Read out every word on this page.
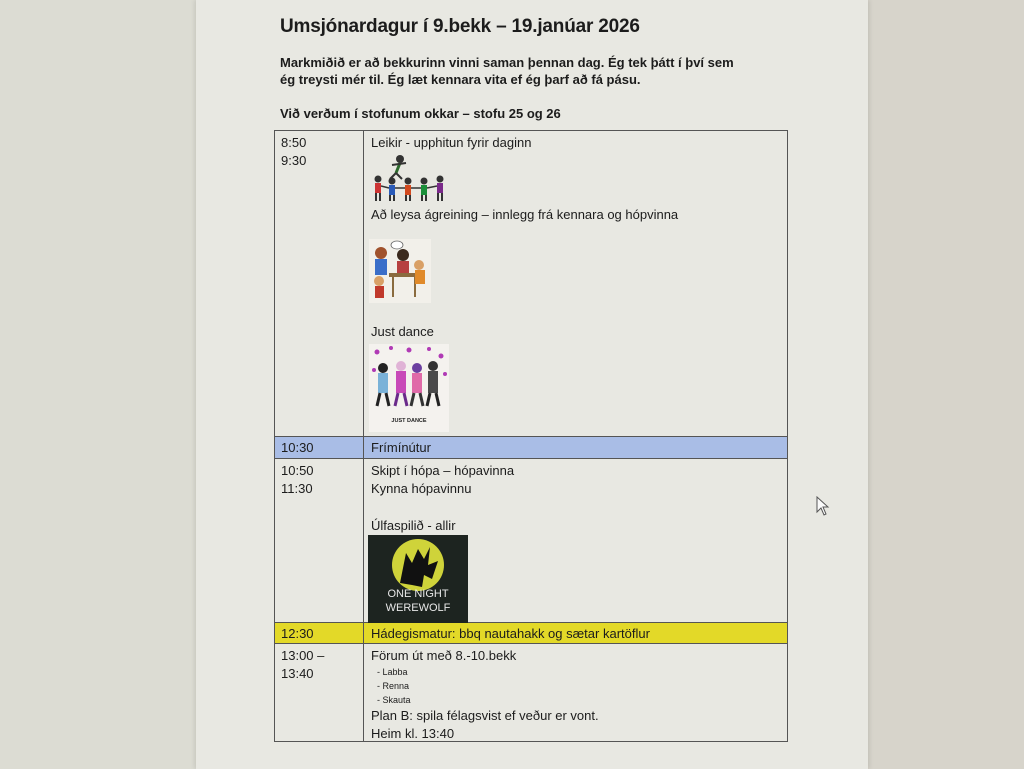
Umsjónardagur í 9.bekk – 19.janúar 2026
Markmiðið er að bekkurinn vinni saman þennan dag. Ég tek þátt í því sem
ég treysti mér til. Ég læt kennara vita ef ég þarf að fá pásu.
Við verðum í stofunum okkar – stofu 25 og 26
8:50
9:30
Leikir - upphitun fyrir daginn
Að leysa ágreining – innlegg frá kennara og hópvinna
Just dance
JUST DANCE
10:30	Frímínútur
10:50
11:30
Skipt í hópa – hópavinna
Kynna hópavinnu
Úlfaspilið - allir
ONE NIGHT
WEREWOLF
12:30	Hádegismatur: bbq nautahakk og sætar kartöflur
13:00 –
13:40
Förum út með 8.-10.bekk
- Labba
- Renna
- Skauta
Plan B: spila félagsvist ef veður er vont.
Heim kl. 13:40
